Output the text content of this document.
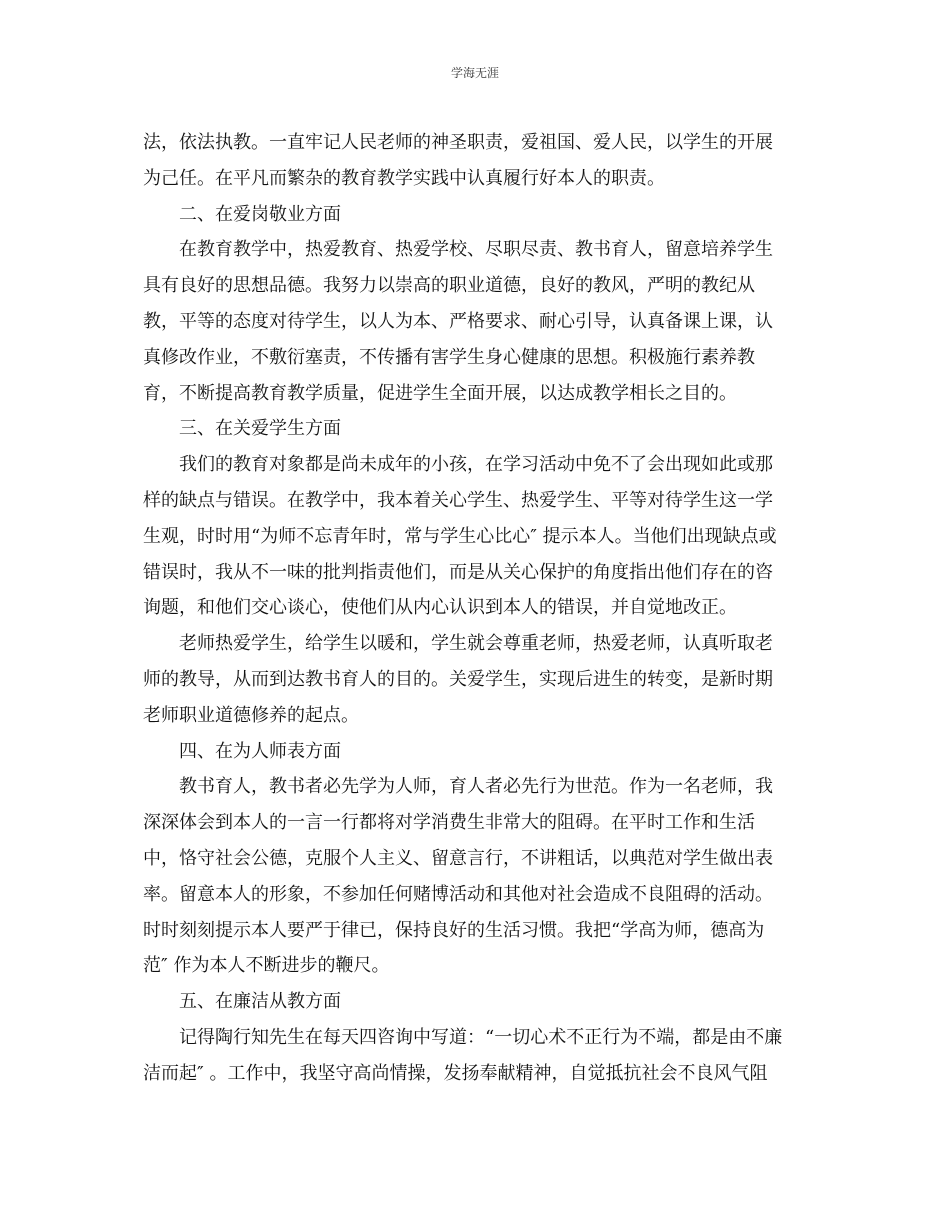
学海无涯
法，依法执教。一直牢记人民老师的神圣职责，爱祖国、爱人民，以学生的开展
为己任。在平凡而繁杂的教育教学实践中认真履行好本人的职责。
二、在爱岗敬业方面
在教育教学中，热爱教育、热爱学校、尽职尽责、教书育人，留意培养学生
具有良好的思想品德。我努力以崇高的职业道德，良好的教风，严明的教纪从
教，平等的态度对待学生，以人为本、严格要求、耐心引导，认真备课上课，认
真修改作业，不敷衍塞责，不传播有害学生身心健康的思想。积极施行素养教
育，不断提高教育教学质量，促进学生全面开展，以达成教学相长之目的。
三、在关爱学生方面
我们的教育对象都是尚未成年的小孩，在学习活动中免不了会出现如此或那
样的缺点与错误。在教学中，我本着关心学生、热爱学生、平等对待学生这一学
生观，时时用“为师不忘青年时，常与学生心比心″ 提示本人。当他们出现缺点或
错误时，我从不一味的批判指责他们，而是从关心保护的角度指出他们存在的咨
询题，和他们交心谈心，使他们从内心认识到本人的错误，并自觉地改正。
老师热爱学生，给学生以暖和，学生就会尊重老师，热爱老师，认真听取老
师的教导，从而到达教书育人的目的。关爱学生，实现后进生的转变，是新时期
老师职业道德修养的起点。
四、在为人师表方面
教书育人，教书者必先学为人师，育人者必先行为世范。作为一名老师，我
深深体会到本人的一言一行都将对学消费生非常大的阻碍。在平时工作和生活
中，恪守社会公德，克服个人主义、留意言行，不讲粗话，以典范对学生做出表
率。留意本人的形象，不参加任何赌博活动和其他对社会造成不良阻碍的活动。
时时刻刻提示本人要严于律已，保持良好的生活习惯。我把“学高为师，德高为
范″ 作为本人不断进步的鞭尺。
五、在廉洁从教方面
记得陶行知先生在每天四咨询中写道：“一切心术不正行为不端，都是由不廉
洁而起″ 。工作中，我坚守高尚情操，发扬奉献精神，自觉抵抗社会不良风气阻
